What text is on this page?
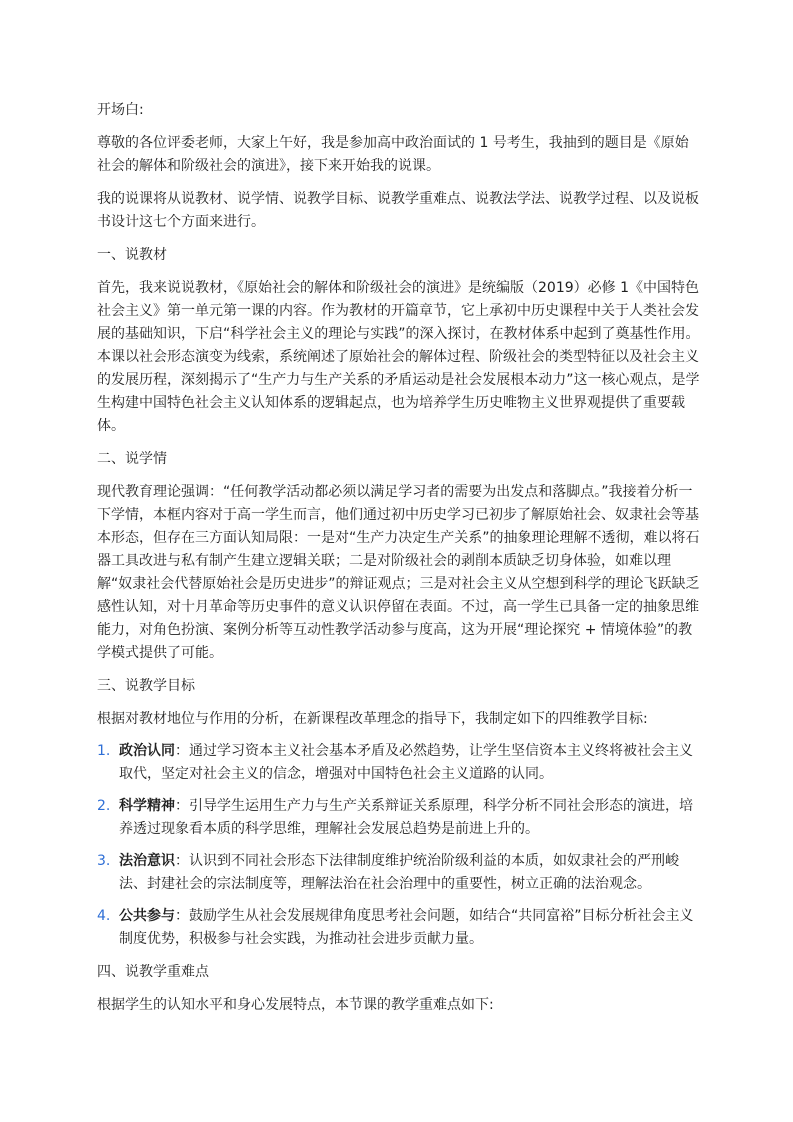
开场白:

尊敬的各位评委老师，大家上午好，我是参加高中政治面试的 1 号考生，我抽到的题目是《原始社会的解体和阶级社会的演进》，接下来开始我的说课。

我的说课将从说教材、说学情、说教学目标、说教学重难点、说教法学法、说教学过程、以及说板书设计这七个方面来进行。

一、说教材

首先，我来说说教材，《原始社会的解体和阶级社会的演进》是统编版（2019）必修 1《中国特色社会主义》第一单元第一课的内容。作为教材的开篇章节，它上承初中历史课程中关于人类社会发展的基础知识，下启“科学社会主义的理论与实践”的深入探讨，在教材体系中起到了奠基性作用。本课以社会形态演变为线索，系统阐述了原始社会的解体过程、阶级社会的类型特征以及社会主义的发展历程，深刻揭示了“生产力与生产关系的矛盾运动是社会发展根本动力”这一核心观点，是学生构建中国特色社会主义认知体系的逻辑起点，也为培养学生历史唯物主义世界观提供了重要载体。

二、说学情

现代教育理论强调：“任何教学活动都必须以满足学习者的需要为出发点和落脚点。”我接着分析一下学情，本框内容对于高一学生而言，他们通过初中历史学习已初步了解原始社会、奴隶社会等基本形态，但存在三方面认知局限：一是对“生产力决定生产关系”的抽象理论理解不透彻，难以将石器工具改进与私有制产生建立逻辑关联；二是对阶级社会的剥削本质缺乏切身体验，如难以理解“奴隶社会代替原始社会是历史进步”的辩证观点；三是对社会主义从空想到科学的理论飞跃缺乏感性认知，对十月革命等历史事件的意义认识停留在表面。不过，高一学生已具备一定的抽象思维能力，对角色扮演、案例分析等互动性教学活动参与度高，这为开展“理论探究 + 情境体验”的教学模式提供了可能。

三、说教学目标

根据对教材地位与作用的分析，在新课程改革理念的指导下，我制定如下的四维教学目标:

1. 政治认同：通过学习资本主义社会基本矛盾及必然趋势，让学生坚信资本主义终将被社会主义取代，坚定对社会主义的信念，增强对中国特色社会主义道路的认同。
2. 科学精神：引导学生运用生产力与生产关系辩证关系原理，科学分析不同社会形态的演进，培养透过现象看本质的科学思维，理解社会发展总趋势是前进上升的。
3. 法治意识：认识到不同社会形态下法律制度维护统治阶级利益的本质，如奴隶社会的严刑峻法、封建社会的宗法制度等，理解法治在社会治理中的重要性，树立正确的法治观念。
4. 公共参与：鼓励学生从社会发展规律角度思考社会问题，如结合“共同富裕”目标分析社会主义制度优势，积极参与社会实践，为推动社会进步贡献力量。

四、说教学重难点

根据学生的认知水平和身心发展特点，本节课的教学重难点如下:
